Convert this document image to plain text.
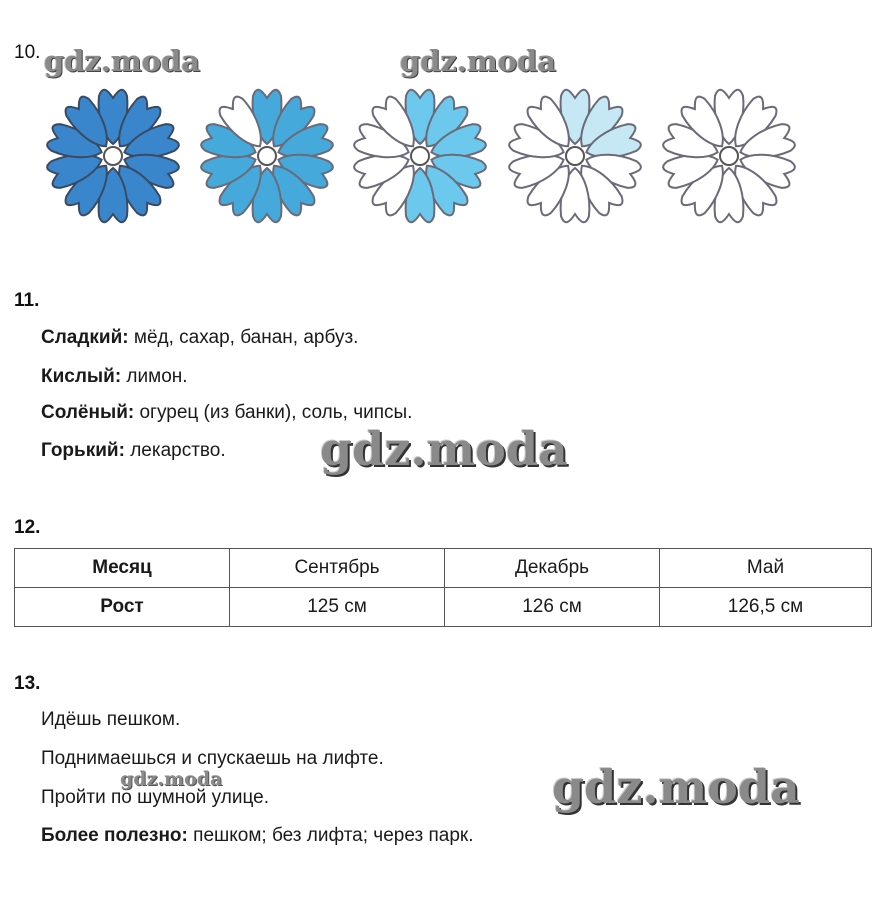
10. gdz.moda	gdz.moda
11.
Сладкий: мёд, сахар, банан, арбуз.
Кислый: лимон.
Солёный: огурец (из банки), соль, чипсы.
Горький: лекарство. gdz.moda
12.
Месяц	Сентябрь	Декабрь	Май
Рост	125 см	126 см	126,5 см
13.
Идёшь пешком.
Поднимаешься и спускаешь на лифте.
Пройти по шумной улице.
Более полезно: пешком; без лифта; через парк.
gdz.moda	gdz.moda
